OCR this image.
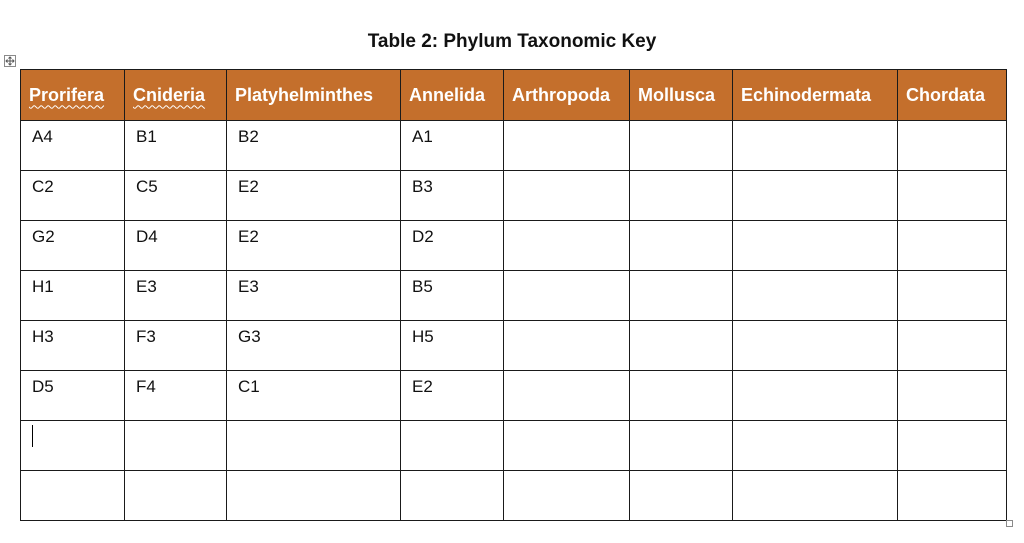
Table 2: Phylum Taxonomic Key
Prorifera	Cnideria	Platyhelminthes	Annelida	Arthropoda	Mollusca	Echinodermata	Chordata
A4	B1	B2	A1				
C2	C5	E2	B3				
G2	D4	E2	D2				
H1	E3	E3	B5				
H3	F3	G3	H5				
D5	F4	C1	E2				
